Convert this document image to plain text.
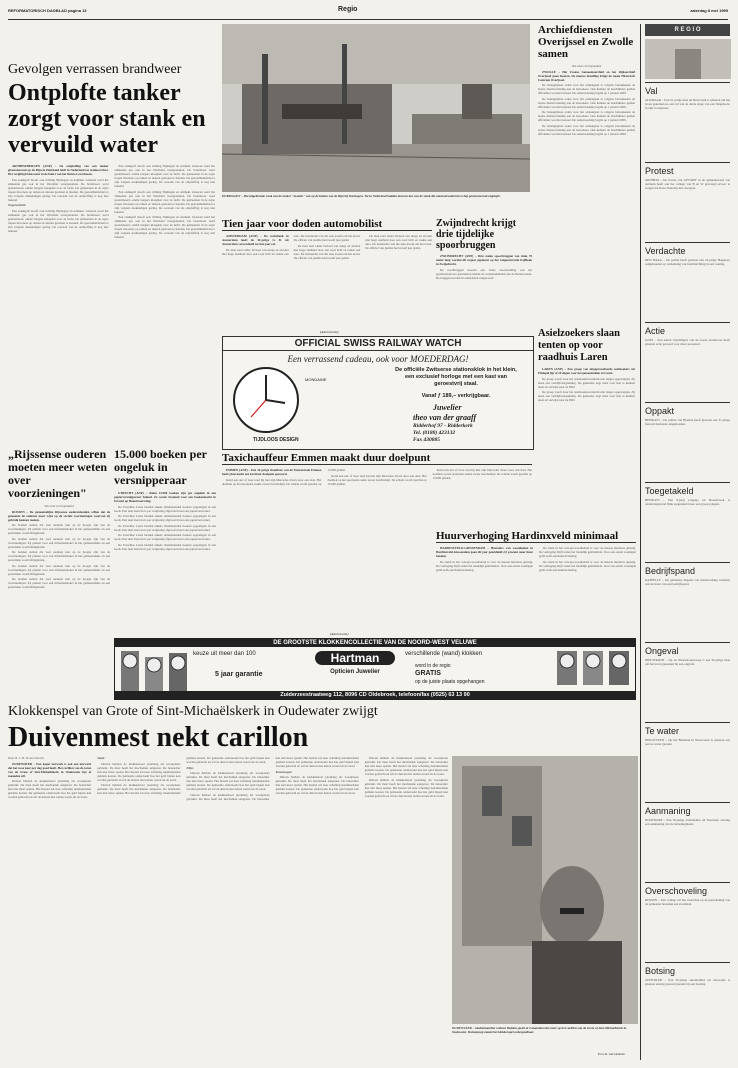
REFORMATORISCH DAGBLAD pagina 13	Regio	zaterdag 8 mei 1999
Gevolgen verrassen brandweer
Ontplofte tanker zorgt voor stank en vervuild water

ARNHEM/BERGEN (ANP) – De ontploffing van een tanker gisterenavond op de Rijn in Duitsland leidt in Nederland tot stankoverlast. Het vergiftigd bluswater in de buurt van het Duitse Leverkusen.

Een stankgolf drooft ook richting Nijmegen en Arnhem. Gisteren werd het stinkende gas ook in het Westland waargenomen. De brandweer werd gealarmeerd, omdat burgers klaagden over de lucht. De gemeenten in de regio riepen inwoners op ramen en deuren gesloten te houden. De gezondheidsrisico's zijn volgens deskundigen gering. De oorzaak van de ontploffing is nog niet bekend.

Ongerustheid

Een stankgolf drooft ook richting Nijmegen en Arnhem. Gisteren werd het stinkende gas ook in het Westland waargenomen. De brandweer werd gealarmeerd, omdat burgers klaagden over de lucht. De gemeenten in de regio riepen inwoners op ramen en deuren gesloten te houden. De gezondheidsrisico's zijn volgens deskundigen gering. De oorzaak van de ontploffing is nog niet bekend.

Een stankgolf drooft ook richting Nijmegen en Arnhem. Gisteren werd het stinkende gas ook in het Westland waargenomen. De brandweer werd gealarmeerd, omdat burgers klaagden over de lucht. De gemeenten in de regio riepen inwoners op ramen en deuren gesloten te houden. De gezondheidsrisico's zijn volgens deskundigen gering. De oorzaak van de ontploffing is nog niet bekend.

Een stankgolf drooft ook richting Nijmegen en Arnhem. Gisteren werd het stinkende gas ook in het Westland waargenomen. De brandweer werd gealarmeerd, omdat burgers klaagden over de lucht. De gemeenten in de regio riepen inwoners op ramen en deuren gesloten te houden. De gezondheidsrisico's zijn volgens deskundigen gering. De oorzaak van de ontploffing is nog niet bekend.

Een stankgolf drooft ook richting Nijmegen en Arnhem. Gisteren werd het stinkende gas ook in het Westland waargenomen. De brandweer werd gealarmeerd, omdat burgers klaagden over de lucht. De gemeenten in de regio riepen inwoners op ramen en deuren gesloten te houden. De gezondheidsrisico's zijn volgens deskundigen gering. De oorzaak van de ontploffing is nog niet bekend.

DORMAGEN – Het uitgebrande wrak van de tanker "Avantis" van op de bodem van de Rijn bij Dormagen. Tot in Nederland hadden mensen last van de stank die ontstond nadat het schip gisterenavond ontplofte.
Archiefdiensten Overijssel en Zwolle samen

Van onze correspondent

ZWOLLE – Het Zwolse Gemeentearchief en het Rijksarchief Overijssel gaan fuseren. De nieuwe instelling krijgt de naam Historisch Centrum Overijssel.

De belangrijkste reden voor het samengaan is volgens betrokkenen de betere dienstverlening aan de bezoekers. Ook kunnen de beschikbare gelden efficiënter worden besteed. De samenwerking begint op 1 januari 2000.

De belangrijkste reden voor het samengaan is volgens betrokkenen de betere dienstverlening aan de bezoekers. Ook kunnen de beschikbare gelden efficiënter worden besteed. De samenwerking begint op 1 januari 2000.

De belangrijkste reden voor het samengaan is volgens betrokkenen de betere dienstverlening aan de bezoekers. Ook kunnen de beschikbare gelden efficiënter worden besteed. De samenwerking begint op 1 januari 2000.

De belangrijkste reden voor het samengaan is volgens betrokkenen de betere dienstverlening aan de bezoekers. Ook kunnen de beschikbare gelden efficiënter worden besteed. De samenwerking begint op 1 januari 2000.

Tien jaar voor doden automobilist

AMSTERDAM (ANP) – De rechtbank in Amsterdam heeft de 30-jarige G. B. uit Amsterdam veroordeeld tot tien jaar cel.

De man reed onder invloed van drugs en alcohol met hoge snelheid door een rood licht en raakte een auto. De bestuurder van die auto kwam om het leven. De officier van justitie had twaalf jaar geëist.

De man reed onder invloed van drugs en alcohol met hoge snelheid door een rood licht en raakte een auto. De bestuurder van die auto kwam om het leven. De officier van justitie had twaalf jaar geëist.

De man reed onder invloed van drugs en alcohol met hoge snelheid door een rood licht en raakte een auto. De bestuurder van die auto kwam om het leven. De officier van justitie had twaalf jaar geëist.

Zwijndrecht krijgt drie tijdelijke spoorbruggen

ZWIJNDRECHT (ANP) – Drie stalen spoorbruggen van ruim 70 meter lang worden dit najaar geplaatst op het rangeerterrein Kijfhoek in Zwijndrecht.

De noodbruggen moeten een vlotte doorstroming van het goederenvervoer garanderen tijdens de werkzaamheden aan de Betuweroute. De bruggen worden in onderdelen aangevoerd.

Asielzoekers slaan tenten op voor raadhuis Laren

LAREN (ANP) – Een groep van uitgeprocedeerde asielzoekers uit Ethiopië ligt al 10 dagen voor het gemeentehuis in Laren.

De groep wordt door het asielzoekerscentrum niet langer opgevangen. Zij eisen een verblijfsvergunning. De gemeente zegt niets voor hen te kunnen doen en verwijst naar de IND.

De groep wordt door het asielzoekerscentrum niet langer opgevangen. Zij eisen een verblijfsvergunning. De gemeente zegt niets voor hen te kunnen doen en verwijst naar de IND.

(Advertentie)
OFFICIAL SWISS RAILWAY WATCH
Een verrassend cadeau, ook voor MOEDERDAG!
MONDAINE
De officiële Zwitserse stationsklok in het klein, een exclusief horloge met een kast van geroestvrij staal.
Vanaf ƒ 189,– verkrijgbaar.
Juwelier
theo van der graaff
Ridderhof 97 - Ridderkerk
Tel. (0180) 423132
Fax 430885
TIJDLOOS DESIGN
„Rijssense ouderen moeten meer weten over voorzieningen"

Van onze correspondent

RIJSSEN – De gemeentelijke Rijssense ouderenbonden willen dat de gemeente de ouderen meer wijst op de sociale voorzieningen waarvan zij gebruik kunnen maken.

De bonden stellen dat veel ouderen niet op de hoogte zijn van de voorzieningen. Zij pleiten voor een informatieloket in het gemeentehuis en een periodieke voorlichtingskrant.

De bonden stellen dat veel ouderen niet op de hoogte zijn van de voorzieningen. Zij pleiten voor een informatieloket in het gemeentehuis en een periodieke voorlichtingskrant.

De bonden stellen dat veel ouderen niet op de hoogte zijn van de voorzieningen. Zij pleiten voor een informatieloket in het gemeentehuis en een periodieke voorlichtingskrant.

De bonden stellen dat veel ouderen niet op de hoogte zijn van de voorzieningen. Zij pleiten voor een informatieloket in het gemeentehuis en een periodieke voorlichtingskrant.

De bonden stellen dat veel ouderen niet op de hoogte zijn van de voorzieningen. Zij pleiten voor een informatieloket in het gemeentehuis en een periodieke voorlichtingskrant.

15.000 boeken per ongeluk in versnipperaar

UTRECHT (ANP) – Ruim 15.000 boeken zijn per ongeluk in een papierversnipperaar beland. Ze waren bestemd voor een boekenmarkt in Utrecht op Hemelvaartsdag.

De Utrechtse Lions hadden enkele tienduizenden boeken opgeslagen in een loods. Een deel daarvan is per vergissing afgevoerd naar een papierverwerker.

De Utrechtse Lions hadden enkele tienduizenden boeken opgeslagen in een loods. Een deel daarvan is per vergissing afgevoerd naar een papierverwerker.

De Utrechtse Lions hadden enkele tienduizenden boeken opgeslagen in een loods. Een deel daarvan is per vergissing afgevoerd naar een papierverwerker.

De Utrechtse Lions hadden enkele tienduizenden boeken opgeslagen in een loods. Een deel daarvan is per vergissing afgevoerd naar een papierverwerker.

De Utrechtse Lions hadden enkele tienduizenden boeken opgeslagen in een loods. Een deel daarvan is per vergissing afgevoerd naar een papierverwerker.

Taxichauffeur Emmen maakt duur doelpunt

EMMEN (ANP) – Een 26-jarige chauffeur van de Taxicentrale Emmen heeft gisternacht een kostbaar doelpunt gescoord.

Rond een uur of twee reed hij met zijn Mercedes dwars door een doel. Het doelhok op het sportpark raakte zwaar beschadigd. De schade wordt geschat op 15.000 gulden.

Rond een uur of twee reed hij met zijn Mercedes dwars door een doel. Het doelhok op het sportpark raakte zwaar beschadigd. De schade wordt geschat op 15.000 gulden.

Rond een uur of twee reed hij met zijn Mercedes dwars door een doel. Het doelhok op het sportpark raakte zwaar beschadigd. De schade wordt geschat op 15.000 gulden.

Huurverhoging Hardinxveld minimaal

HARDINXVELD-GIESSENDAM – Huurders van woonhuizen in Hardinxveld-Giessendam gaan dit jaar gemiddeld 2,5 procent meer huur betalen.

De stand in het concept-woonbeleid is voor de meeste huurders gunstig. De verhoging blijft onder het landelijk gemiddelde. Voor een aantal woningen geldt zelfs een huurbevriezing.

De stand in het concept-woonbeleid is voor de meeste huurders gunstig. De verhoging blijft onder het landelijk gemiddelde. Voor een aantal woningen geldt zelfs een huurbevriezing.

De stand in het concept-woonbeleid is voor de meeste huurders gunstig. De verhoging blijft onder het landelijk gemiddelde. Voor een aantal woningen geldt zelfs een huurbevriezing.

(Advertentie)
DE GROOTSTE KLOKKENCOLLECTIE VAN DE NOORD-WEST VELUWE
keuze uit meer dan 100
5 jaar garantie
Hartman
Opticien Juwelier
verschillende (wand) klokken
word in de regio
GRATIS
op de juiste plaats opgehangen
Zuiderzeestraatweg 112, 8096 CD Oldebroek, telefoon/fax (0525) 63 13 90
Klokkenspel van Grote of Sint-Michaëlskerk in Oudewater zwijgt
Duivenmest nekt carillon

Door B. J. H. W. van Dooren

OUDEWATER – Een kapot uurwerk is ook een uurwerk dat het twee keer per dag goed heeft. Het carillon van de toren van de Grote of Sint-Michaëlskerk in Oudewater ligt al maanden stil.

Duiven hebben de klokkenstoel jarenlang als woonplaats gebruikt. De mest heeft het mechaniek aangetast. De beiaardier kan niet meer spelen. Het herstel zal naar schatting tienduizenden guldens kosten. De gemeente onderzoekt hoe het geld bijeen kan worden gebracht en wil de duiven met netten weren uit de toren.

Stank

Duiven hebben de klokkenstoel jarenlang als woonplaats gebruikt. De mest heeft het mechaniek aangetast. De beiaardier kan niet meer spelen. Het herstel zal naar schatting tienduizenden guldens kosten. De gemeente onderzoekt hoe het geld bijeen kan worden gebracht en wil de duiven met netten weren uit de toren.

Duiven hebben de klokkenstoel jarenlang als woonplaats gebruikt. De mest heeft het mechaniek aangetast. De beiaardier kan niet meer spelen. Het herstel zal naar schatting tienduizenden guldens kosten. De gemeente onderzoekt hoe het geld bijeen kan worden gebracht en wil de duiven met netten weren uit de toren.

Eitjes

Duiven hebben de klokkenstoel jarenlang als woonplaats gebruikt. De mest heeft het mechaniek aangetast. De beiaardier kan niet meer spelen. Het herstel zal naar schatting tienduizenden guldens kosten. De gemeente onderzoekt hoe het geld bijeen kan worden gebracht en wil de duiven met netten weren uit de toren.

Duiven hebben de klokkenstoel jarenlang als woonplaats gebruikt. De mest heeft het mechaniek aangetast. De beiaardier kan niet meer spelen. Het herstel zal naar schatting tienduizenden guldens kosten. De gemeente onderzoekt hoe het geld bijeen kan worden gebracht en wil de duiven met netten weren uit de toren.

Kraanwagen

Duiven hebben de klokkenstoel jarenlang als woonplaats gebruikt. De mest heeft het mechaniek aangetast. De beiaardier kan niet meer spelen. Het herstel zal naar schatting tienduizenden guldens kosten. De gemeente onderzoekt hoe het geld bijeen kan worden gebracht en wil de duiven met netten weren uit de toren.

Duiven hebben de klokkenstoel jarenlang als woonplaats gebruikt. De mest heeft het mechaniek aangetast. De beiaardier kan niet meer spelen. Het herstel zal naar schatting tienduizenden guldens kosten. De gemeente onderzoekt hoe het geld bijeen kan worden gebracht en wil de duiven met netten weren uit de toren.

Duiven hebben de klokkenstoel jarenlang als woonplaats gebruikt. De mest heeft het mechaniek aangetast. De beiaardier kan niet meer spelen. Het herstel zal naar schatting tienduizenden guldens kosten. De gemeente onderzoekt hoe het geld bijeen kan worden gebracht en wil de duiven met netten weren uit de toren.

OUDEWATER – Stadsbeiaardier Gideon Bodden speelt al 2 maanden niet meer op het carillon van de Grote of Sint-Michaëlskerk in Oudewater. Duivenpoep maakt het klokkenspel onbespeelbaar.
Foto: R. van Gelderen
R E G I O
Val
ALKMAAR – Een 61-jarige man uit Beverwijk is gisteren om het leven gekomen na een val van de derde etage van een flatgebouw in zijn woonplaats.
Protest
ARNHEM – De fractie van GPV/RPF in de gemeenteraad van Arnhem heeft aan het college van B en W gevraagd ervoor te zorgen dat Roze Zaterdag niet doorgaat.
Verdachte
DEN HAAG – De politie heeft gisteren een 24-jarige Hagenaar aangehouden op verdenking van brandstichting in een woning.
Actie
GOES – Een aantal vrijwilligers van de Goese brandweer heeft gisteren actie gevoerd voor meer personeel.
Oppakt
HEERLEN – De politie van Heerlen heeft gisteren een 31-jarige man uit Kerkrade aangehouden.
Toegetakeld
HEERLEN – Een 9-jarig jongetje uit Hoensbroek is donderdagavond flink toegetakeld door een groep jongens.
Bedrijfspand
KAPPELLE – De gemeente Kapelle wil medewerking verlenen aan de bouw van een bedrijfspand.
Ongeval
NIEUWKOOP – Op de Nieuwkoopseweg is een 90-jarige man om het leven gekomen bij een ongeval.
Te water
NIEUWVEEN – Op het Blokland in Nieuwveen is gisteren een auto te water geraakt.
Aanmaning
NOOTDORP – Een 36-jarige ondernemer uit Nootdorp ontving een aanmaning van de belastingdienst.
Overschoveling
RIJSSEN – Een college wil het overschot op de jaarrekening van de gemeente besteden aan zwembad.
Botsing
ZEEWOLDE – Een 56-jarige automobilist uit Zeewolde is gisteren ernstig gewond geraakt bij een botsing.
